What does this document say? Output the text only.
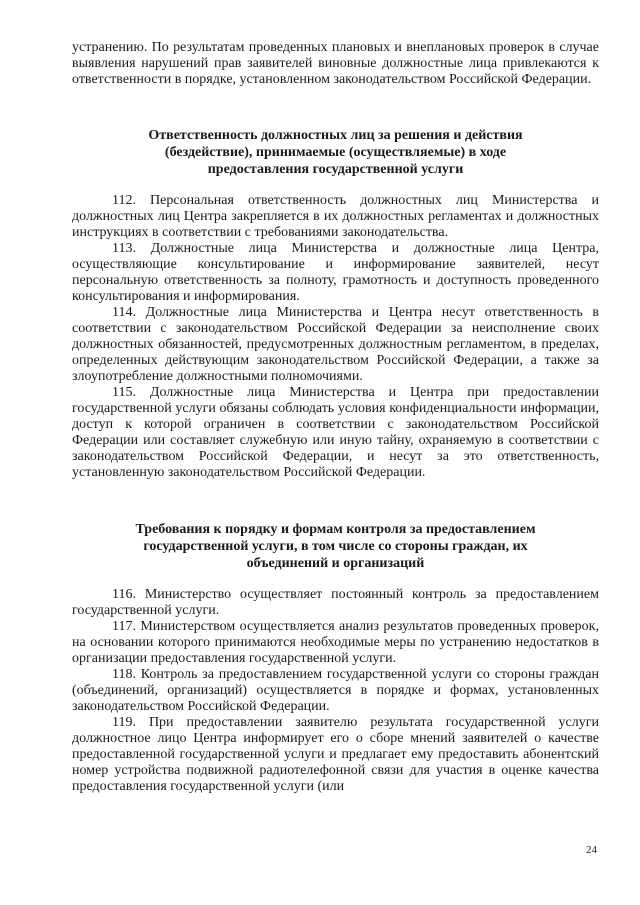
устранению. По результатам проведенных плановых и внеплановых проверок в случае выявления нарушений прав заявителей виновные должностные лица привлекаются к ответственности в порядке, установленном законодательством Российской Федерации.

Ответственность должностных лиц за решения и действия (бездействие), принимаемые (осуществляемые) в ходе предоставления государственной услуги

112. Персональная ответственность должностных лиц Министерства и должностных лиц Центра закрепляется в их должностных регламентах и должностных инструкциях в соответствии с требованиями законодательства.

113. Должностные лица Министерства и должностные лица Центра, осуществляющие консультирование и информирование заявителей, несут персональную ответственность за полноту, грамотность и доступность проведенного консультирования и информирования.

114. Должностные лица Министерства и Центра несут ответственность в соответствии с законодательством Российской Федерации за неисполнение своих должностных обязанностей, предусмотренных должностным регламентом, в пределах, определенных действующим законодательством Российской Федерации, а также за злоупотребление должностными полномочиями.

115. Должностные лица Министерства и Центра при предоставлении государственной услуги обязаны соблюдать условия конфиденциальности информации, доступ к которой ограничен в соответствии с законодательством Российской Федерации или составляет служебную или иную тайну, охраняемую в соответствии с законодательством Российской Федерации, и несут за это ответственность, установленную законодательством Российской Федерации.

Требования к порядку и формам контроля за предоставлением государственной услуги, в том числе со стороны граждан, их объединений и организаций

116. Министерство осуществляет постоянный контроль за предоставлением государственной услуги.

117. Министерством осуществляется анализ результатов проведенных проверок, на основании которого принимаются необходимые меры по устранению недостатков в организации предоставления государственной услуги.

118. Контроль за предоставлением государственной услуги со стороны граждан (объединений, организаций) осуществляется в порядке и формах, установленных законодательством Российской Федерации.

119. При предоставлении заявителю результата государственной услуги должностное лицо Центра информирует его о сборе мнений заявителей о качестве предоставленной государственной услуги и предлагает ему предоставить абонентский номер устройства подвижной радиотелефонной связи для участия в оценке качества предоставления государственной услуги (или

24
